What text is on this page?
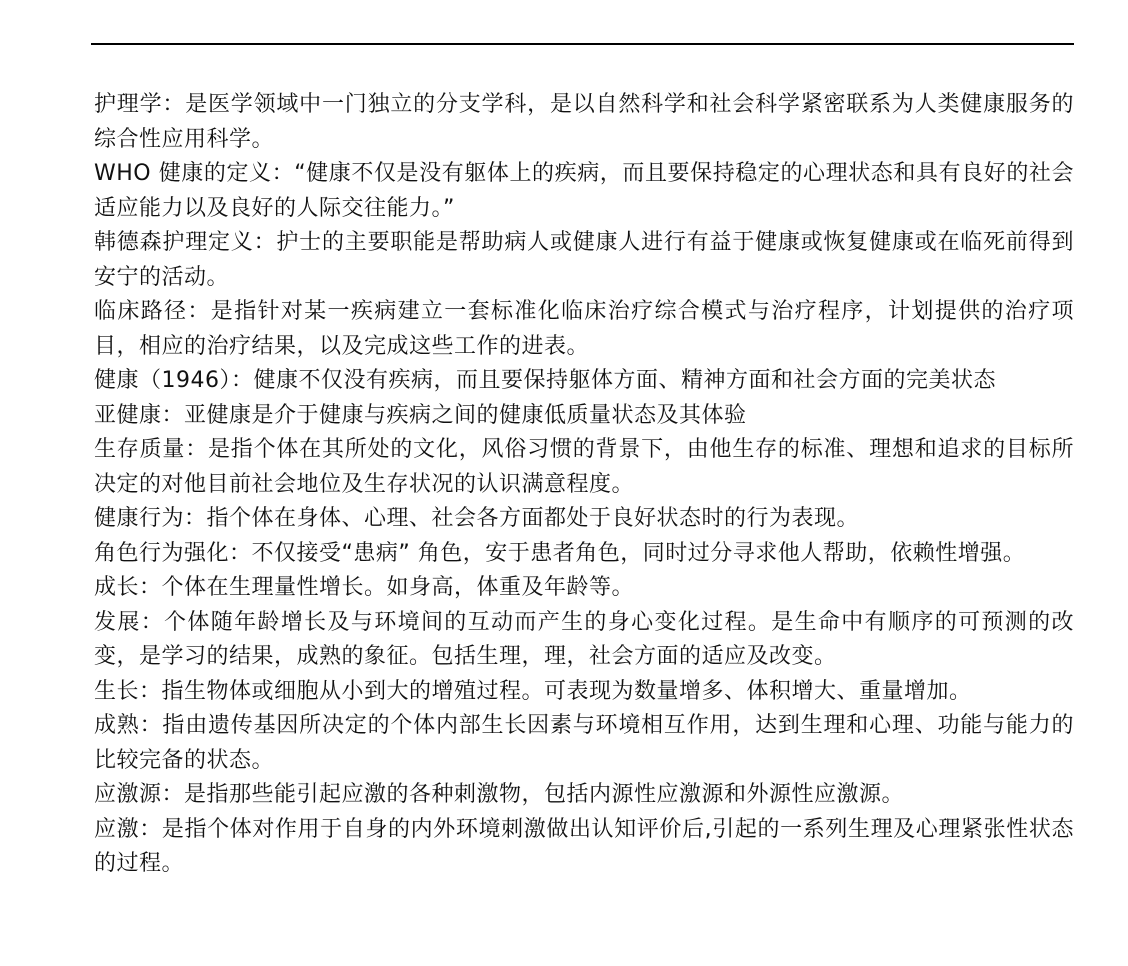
护理学：是医学领域中一门独立的分支学科，是以自然科学和社会科学紧密联系为人类健康服务的综合性应用科学。

WHO 健康的定义：“健康不仅是没有躯体上的疾病，而且要保持稳定的心理状态和具有良好的社会适应能力以及良好的人际交往能力。”

韩德森护理定义：护士的主要职能是帮助病人或健康人进行有益于健康或恢复健康或在临死前得到安宁的活动。

临床路径：是指针对某一疾病建立一套标准化临床治疗综合模式与治疗程序，计划提供的治疗项目，相应的治疗结果，以及完成这些工作的进表。

健康（1946）：健康不仅没有疾病，而且要保持躯体方面、精神方面和社会方面的完美状态

亚健康：亚健康是介于健康与疾病之间的健康低质量状态及其体验

生存质量：是指个体在其所处的文化，风俗习惯的背景下，由他生存的标准、理想和追求的目标所决定的对他目前社会地位及生存状况的认识满意程度。

健康行为：指个体在身体、心理、社会各方面都处于良好状态时的行为表现。

角色行为强化：不仅接受“患病” 角色，安于患者角色，同时过分寻求他人帮助，依赖性增强。

成长：个体在生理量性增长。如身高，体重及年龄等。

发展：个体随年龄增长及与环境间的互动而产生的身心变化过程。是生命中有顺序的可预测的改变，是学习的结果，成熟的象征。包括生理，理，社会方面的适应及改变。

生长：指生物体或细胞从小到大的增殖过程。可表现为数量增多、体积增大、重量增加。

成熟：指由遗传基因所决定的个体内部生长因素与环境相互作用，达到生理和心理、功能与能力的比较完备的状态。

应激源：是指那些能引起应激的各种刺激物，包括内源性应激源和外源性应激源。

应激：是指个体对作用于自身的内外环境刺激做出认知评价后,引起的一系列生理及心理紧张性状态的过程。
